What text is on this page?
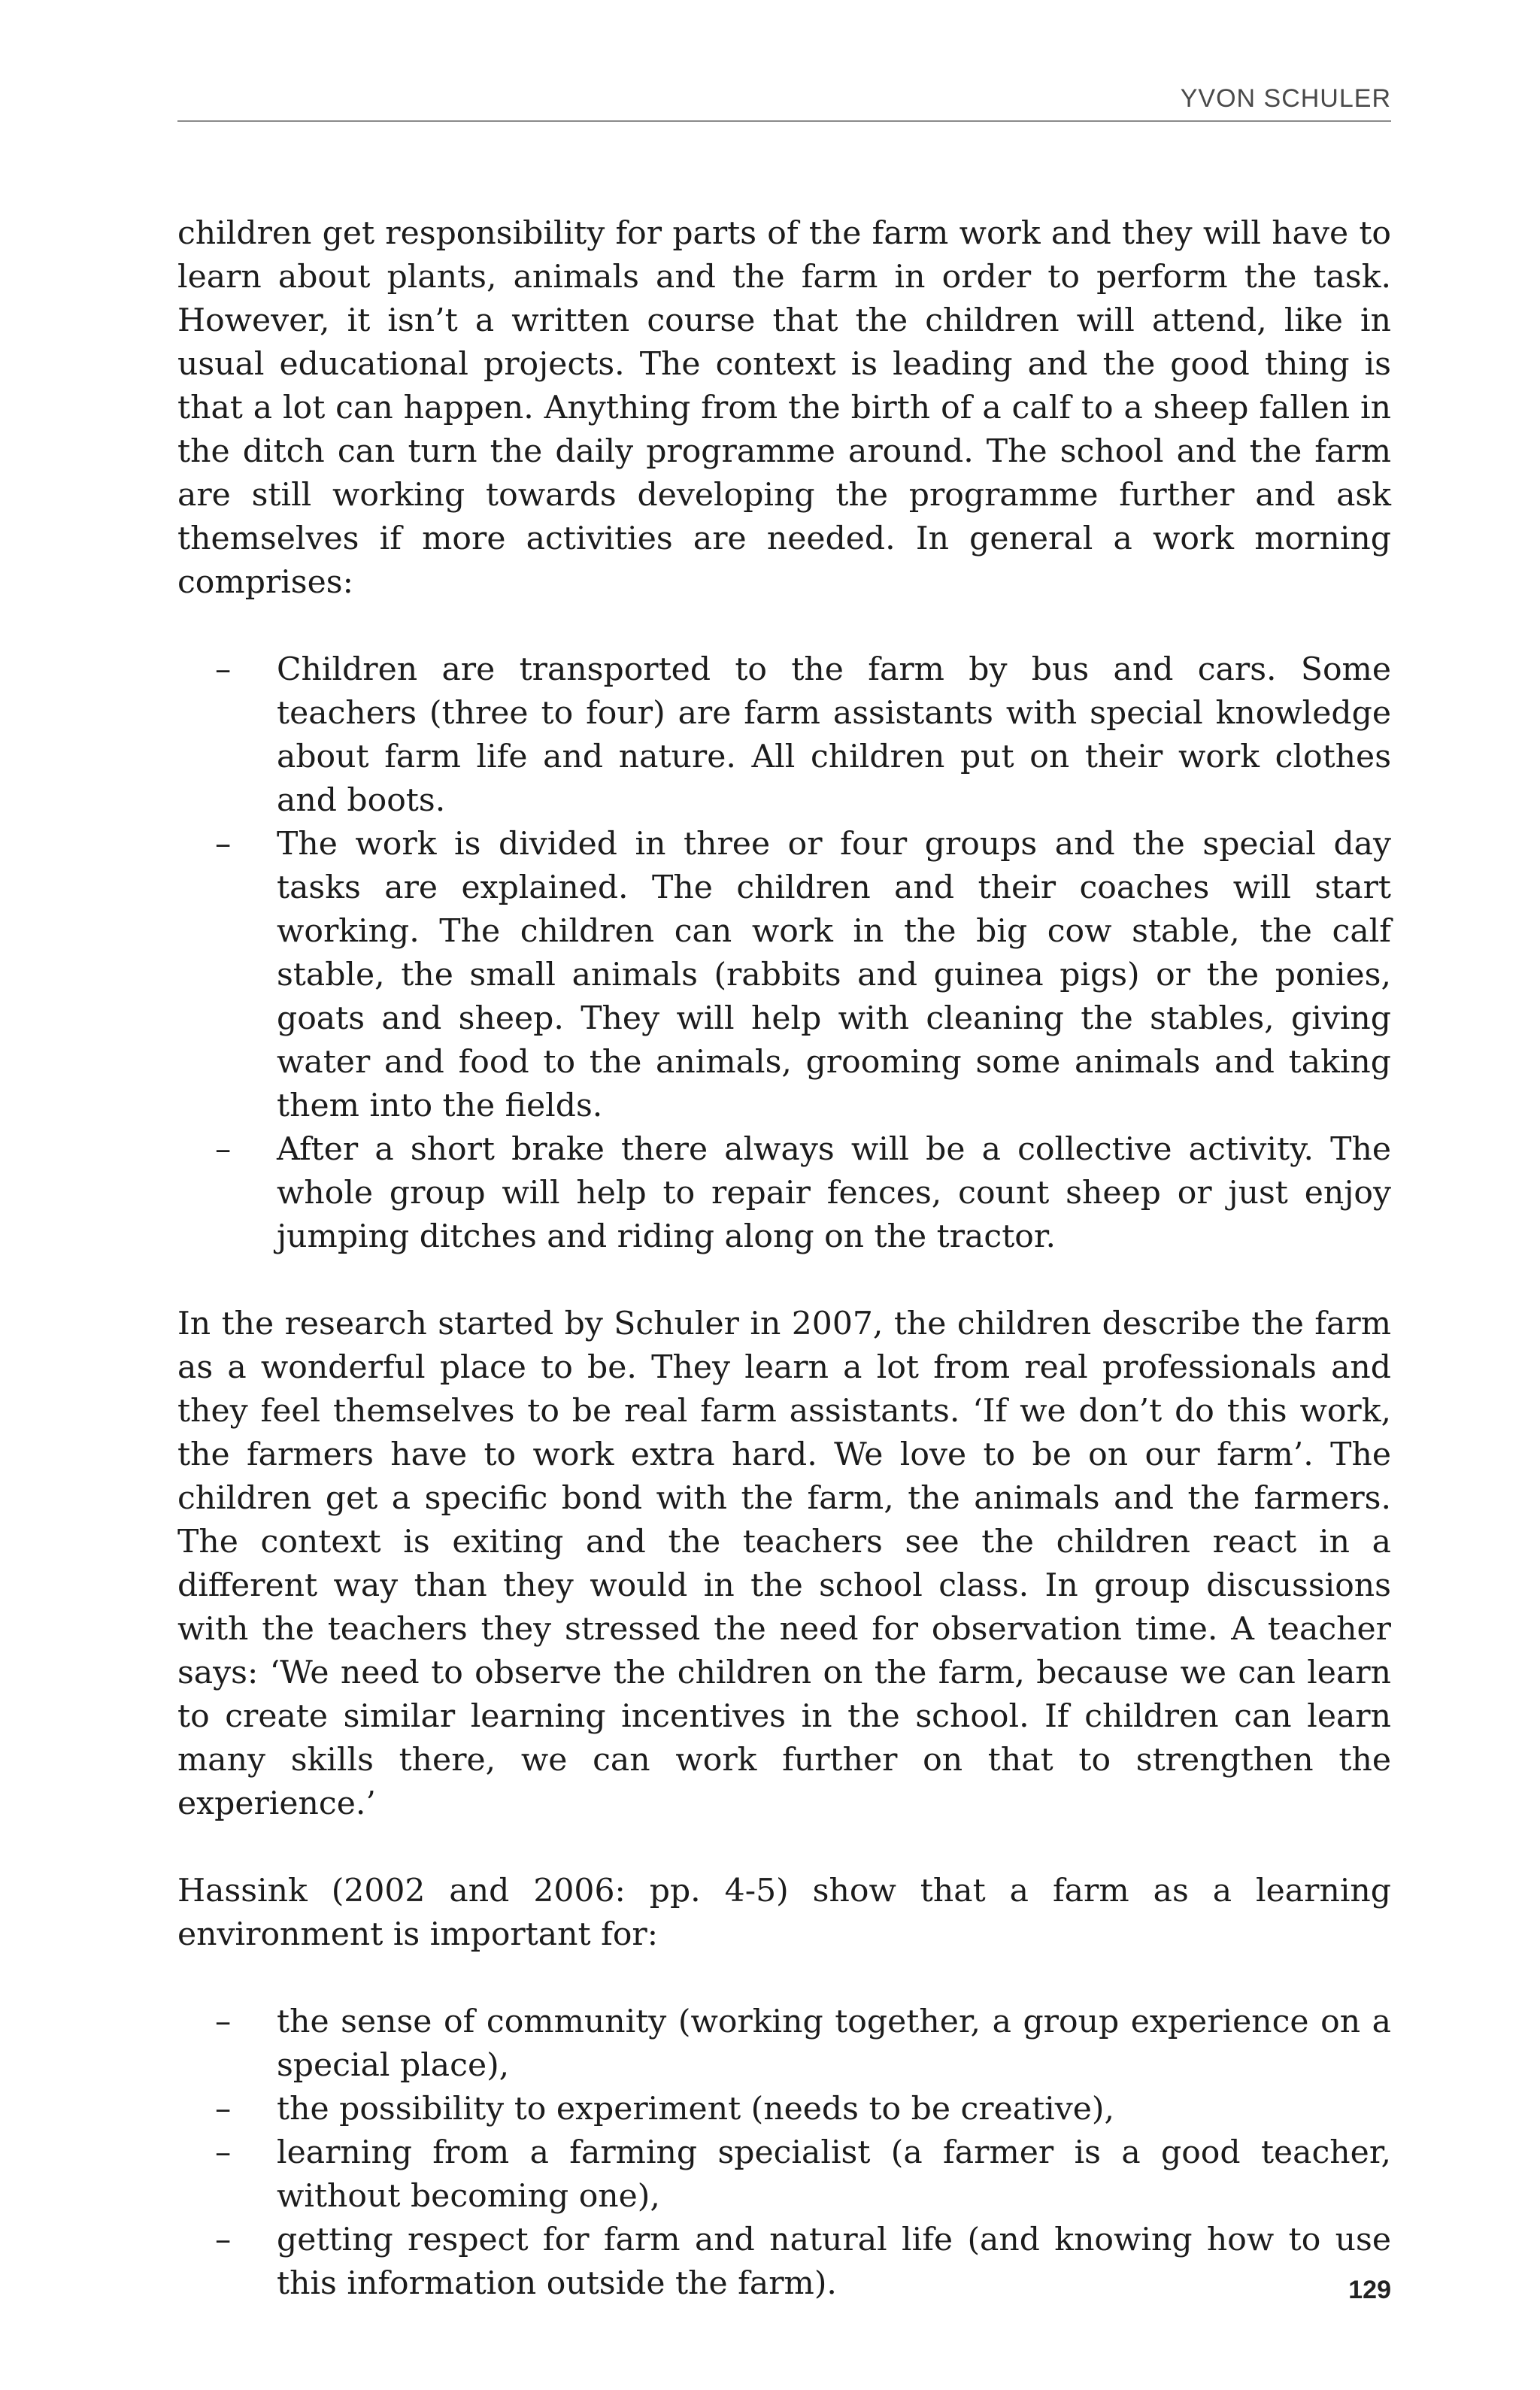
YVON SCHULER

children get responsibility for parts of the farm work and they will have to learn about plants, animals and the farm in order to perform the task. However, it isn’t a written course that the children will attend, like in usual educational projects. The context is leading and the good thing is that a lot can happen. Anything from the birth of a calf to a sheep fallen in the ditch can turn the daily programme around. The school and the farm are still working towards developing the programme further and ask themselves if more activities are needed. In general a work morning comprises:

– Children are transported to the farm by bus and cars. Some teachers (three to four) are farm assistants with special knowledge about farm life and nature. All children put on their work clothes and boots.
– The work is divided in three or four groups and the special day tasks are explained. The children and their coaches will start working. The children can work in the big cow stable, the calf stable, the small animals (rabbits and guinea pigs) or the ponies, goats and sheep. They will help with cleaning the stables, giving water and food to the animals, grooming some animals and taking them into the fields.
– After a short brake there always will be a collective activity. The whole group will help to repair fences, count sheep or just enjoy jumping ditches and riding along on the tractor.

In the research started by Schuler in 2007, the children describe the farm as a wonderful place to be. They learn a lot from real professionals and they feel themselves to be real farm assistants. ‘If we don’t do this work, the farmers have to work extra hard. We love to be on our farm’. The children get a specific bond with the farm, the animals and the farmers. The context is exiting and the teachers see the children react in a different way than they would in the school class. In group discussions with the teachers they stressed the need for observation time. A teacher says: ‘We need to observe the children on the farm, because we can learn to create similar learning incentives in the school. If children can learn many skills there, we can work further on that to strengthen the experience.’

Hassink (2002 and 2006: pp. 4-5) show that a farm as a learning environment is important for:

– the sense of community (working together, a group experience on a special place),
– the possibility to experiment (needs to be creative),
– learning from a farming specialist (a farmer is a good teacher, without becoming one),
– getting respect for farm and natural life (and knowing how to use this information outside the farm).	129
